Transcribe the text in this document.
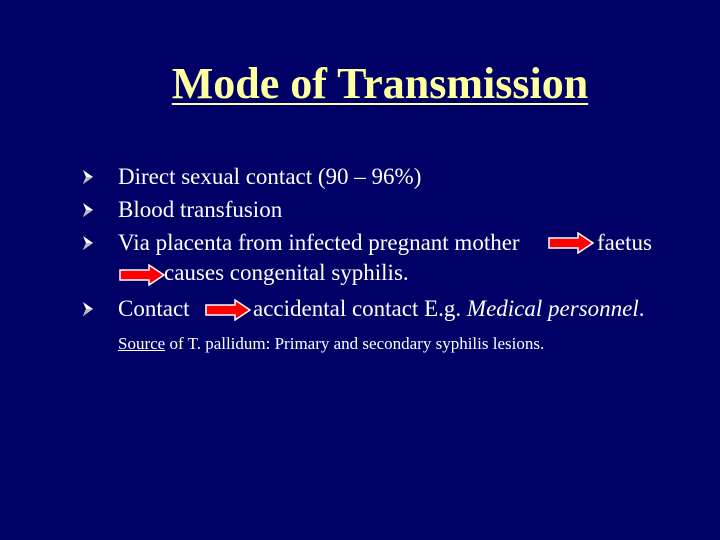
Mode of Transmission
Direct sexual contact (90 – 96%)
Blood transfusion
Via placenta from infected pregnant mother	faetus
causes congenital syphilis.
Contact	accidental contact E.g. Medical personnel.
Source of T. pallidum: Primary and secondary syphilis lesions.
